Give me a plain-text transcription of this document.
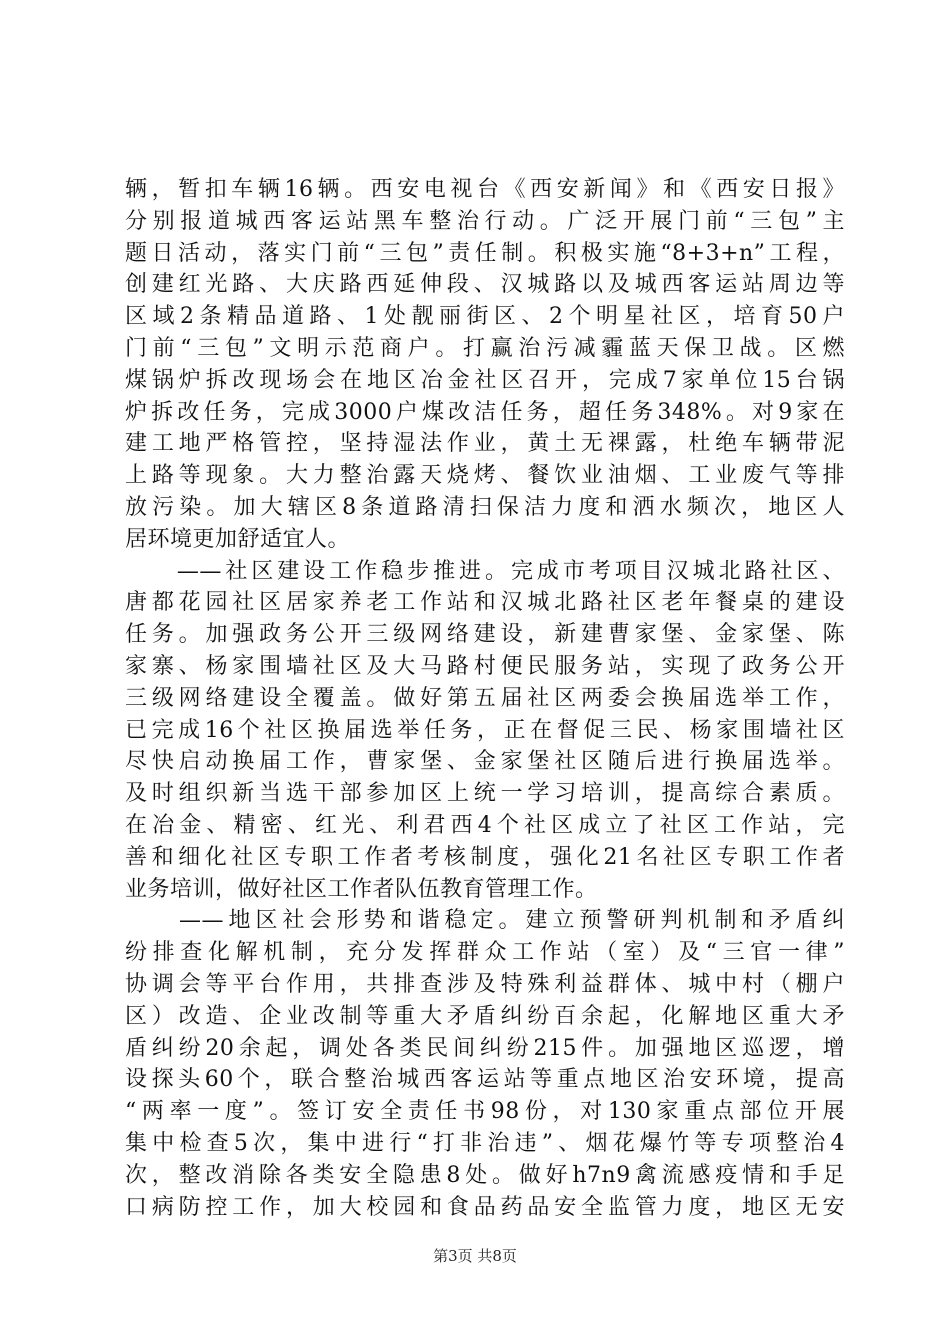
辆，暂扣车辆16辆。西安电视台《西安新闻》和《西安日报》
分别报道城西客运站黑车整治行动。广泛开展门前“三包”主
题日活动，落实门前“三包”责任制。积极实施“8+3+n”工程，
创建红光路、大庆路西延伸段、汉城路以及城西客运站周边等
区域2条精品道路、1处靓丽街区、2个明星社区，培育50户
门前“三包”文明示范商户。打赢治污减霾蓝天保卫战。区燃
煤锅炉拆改现场会在地区冶金社区召开，完成7家单位15台锅
炉拆改任务，完成3000户煤改洁任务，超任务348%。对9家在
建工地严格管控，坚持湿法作业，黄土无裸露，杜绝车辆带泥
上路等现象。大力整治露天烧烤、餐饮业油烟、工业废气等排
放污染。加大辖区8条道路清扫保洁力度和洒水频次，地区人
居环境更加舒适宜人。
　　——社区建设工作稳步推进。完成市考项目汉城北路社区、
唐都花园社区居家养老工作站和汉城北路社区老年餐桌的建设
任务。加强政务公开三级网络建设，新建曹家堡、金家堡、陈
家寨、杨家围墙社区及大马路村便民服务站，实现了政务公开
三级网络建设全覆盖。做好第五届社区两委会换届选举工作，
已完成16个社区换届选举任务，正在督促三民、杨家围墙社区
尽快启动换届工作，曹家堡、金家堡社区随后进行换届选举。
及时组织新当选干部参加区上统一学习培训，提高综合素质。
在冶金、精密、红光、利君西4个社区成立了社区工作站，完
善和细化社区专职工作者考核制度，强化21名社区专职工作者
业务培训，做好社区工作者队伍教育管理工作。
　　——地区社会形势和谐稳定。建立预警研判机制和矛盾纠
纷排查化解机制，充分发挥群众工作站（室）及“三官一律”
协调会等平台作用，共排查涉及特殊利益群体、城中村（棚户
区）改造、企业改制等重大矛盾纠纷百余起，化解地区重大矛
盾纠纷20余起，调处各类民间纠纷215件。加强地区巡逻，增
设探头60个，联合整治城西客运站等重点地区治安环境，提高
“两率一度”。签订安全责任书98份，对130家重点部位开展
集中检查5次，集中进行“打非治违”、烟花爆竹等专项整治4
次，整改消除各类安全隐患8处。做好h7n9禽流感疫情和手足
口病防控工作，加大校园和食品药品安全监管力度，地区无安
第3页 共8页
